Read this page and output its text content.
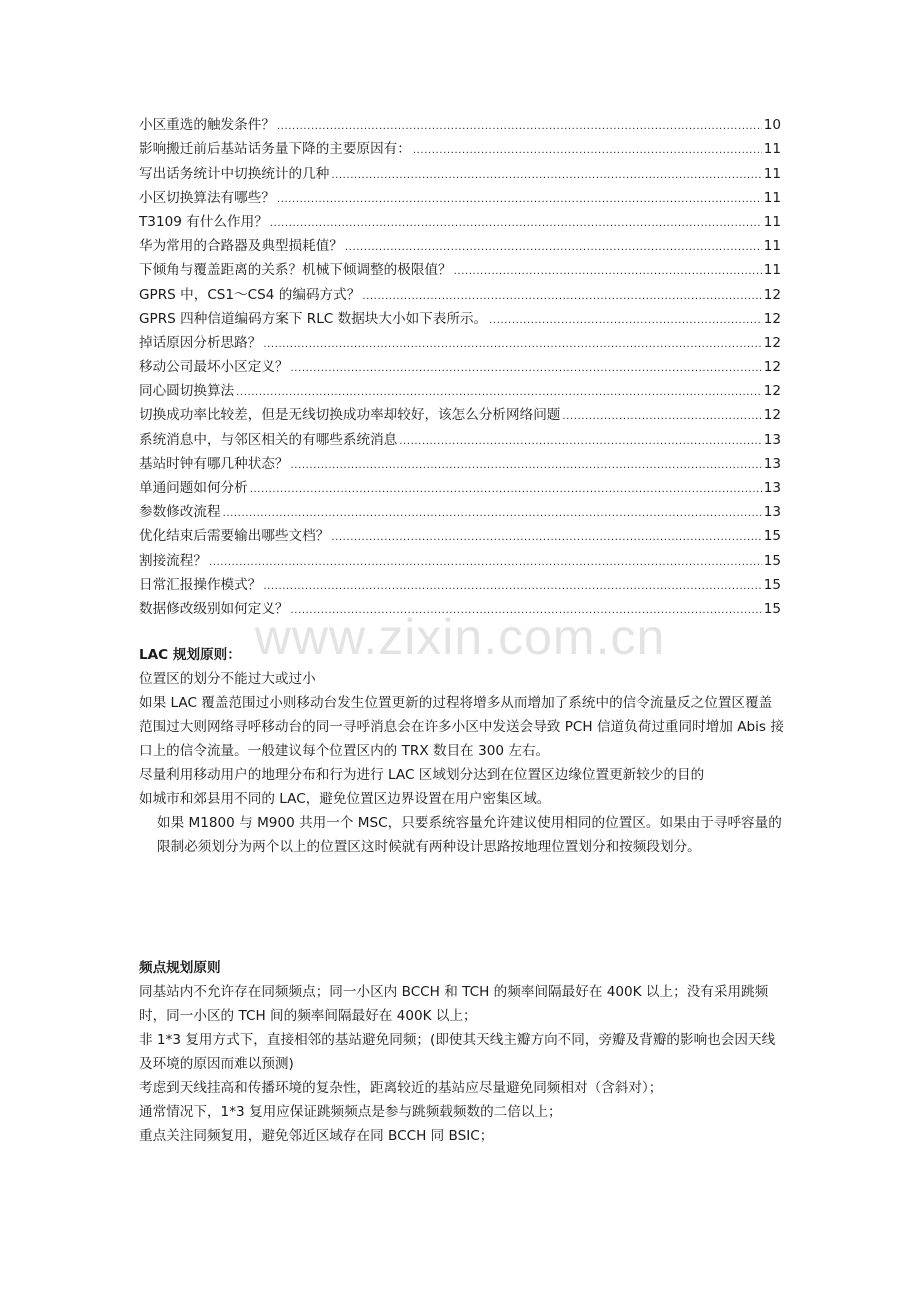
小区重选的触发条件？ .....	10
影响搬迁前后基站话务量下降的主要原因有： .....	11
写出话务统计中切换统计的几种 .....	11
小区切换算法有哪些？ .....	11
T3109 有什么作用？ .....	11
华为常用的合路器及典型损耗值？ .....	11
下倾角与覆盖距离的关系？机械下倾调整的极限值？ .....	11
GPRS 中，CS1～CS4 的编码方式？ .....	12
GPRS 四种信道编码方案下 RLC 数据块大小如下表所示。 .....	12
掉话原因分析思路？ .....	12
移动公司最坏小区定义？ .....	12
同心圆切换算法 .....	12
切换成功率比较差，但是无线切换成功率却较好，该怎么分析网络问题 .....	12
系统消息中，与邻区相关的有哪些系统消息 .....	13
基站时钟有哪几种状态？ .....	13
单通问题如何分析 .....	13
参数修改流程 .....	13
优化结束后需要输出哪些文档？ .....	15
割接流程？ .....	15
日常汇报操作模式？ .....	15
数据修改级别如何定义？ .....	15
www.zixin.com.cn

LAC 规划原则：

位置区的划分不能过大或过小

如果 LAC 覆盖范围过小则移动台发生位置更新的过程将增多从而增加了系统中的信令流量反之位置区覆盖范围过大则网络寻呼移动台的同一寻呼消息会在许多小区中发送会导致 PCH 信道负荷过重同时增加 Abis 接口上的信令流量。一般建议每个位置区内的 TRX 数目在 300 左右。

尽量利用移动用户的地理分布和行为进行 LAC 区域划分达到在位置区边缘位置更新较少的目的

如城市和郊县用不同的 LAC，避免位置区边界设置在用户密集区域。

如果 M1800 与 M900 共用一个 MSC，只要系统容量允许建议使用相同的位置区。如果由于寻呼容量的限制必须划分为两个以上的位置区这时候就有两种设计思路按地理位置划分和按频段划分。

频点规划原则

同基站内不允许存在同频频点；同一小区内 BCCH 和 TCH 的频率间隔最好在 400K 以上；没有采用跳频时，同一小区的 TCH 间的频率间隔最好在 400K 以上；

非 1*3 复用方式下，直接相邻的基站避免同频；(即使其天线主瓣方向不同，旁瓣及背瓣的影响也会因天线及环境的原因而难以预测)

考虑到天线挂高和传播环境的复杂性，距离较近的基站应尽量避免同频相对（含斜对）；

通常情况下，1*3 复用应保证跳频频点是参与跳频载频数的二倍以上；

重点关注同频复用，避免邻近区域存在同 BCCH 同 BSIC；
